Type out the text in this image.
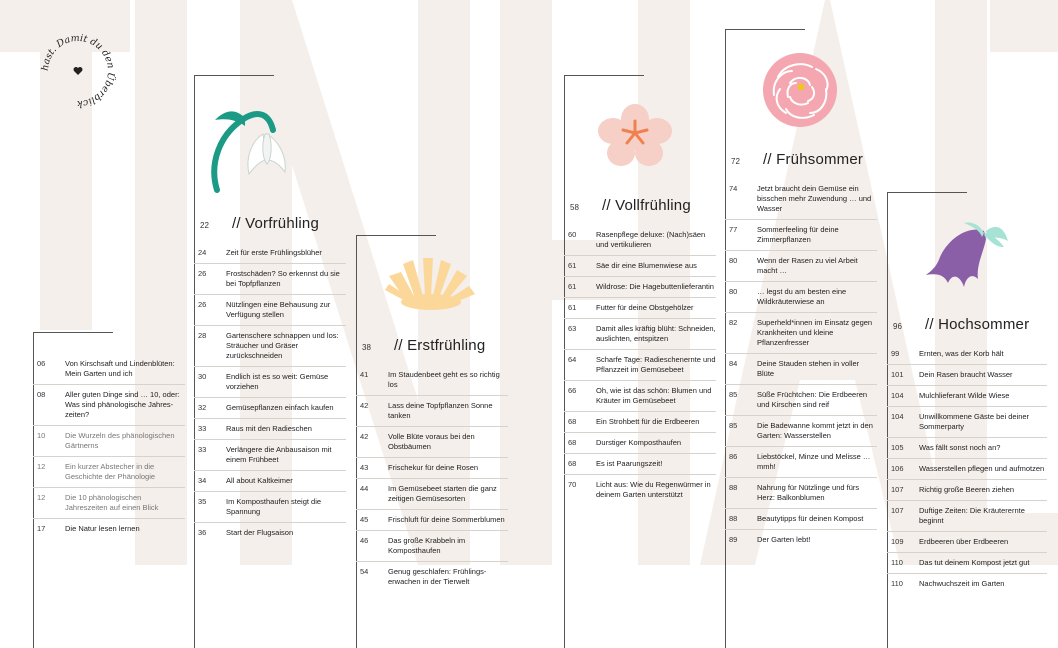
hast. Damit du den Überblick
06	Von Kirschsaft und Lindenblüten: Mein Garten und ich
08	Aller guten Dinge sind … 10, oder: Was sind phänologische Jahres-zeiten?
10	Die Wurzeln des phänologischen Gärtnerns
12	Ein kurzer Abstecher in die Geschichte der Phänologie
12	Die 10 phänologischen Jahreszeiten auf einen Blick
17	Die Natur lesen lernen
22	// Vorfrühling
24	Zeit für erste Frühlingsblüher
26	Frostschäden? So erkennst du sie bei Topfpflanzen
26	Nützlingen eine Behausung zur Verfügung stellen
28	Gartenschere schnappen und los: Sträucher und Gräser zurückschneiden
30	Endlich ist es so weit: Gemüse vorziehen
32	Gemüsepflanzen einfach kaufen
33	Raus mit den Radieschen
33	Verlängere die Anbausaison mit einem Frühbeet
34	All about Kaltkeimer
35	Im Komposthaufen steigt die Spannung
36	Start der Flugsaison
38	// Erstfrühling
41	Im Staudenbeet geht es so richtig los
42	Lass deine Topfpflanzen Sonne tanken
42	Volle Blüte voraus bei den Obstbäumen
43	Frischekur für deine Rosen
44	Im Gemüsebeet starten die ganz zeitigen Gemüsesorten
45	Frischluft für deine Sommerblumen
46	Das große Krabbeln im Komposthaufen
54	Genug geschlafen: Frühlings-erwachen in der Tierwelt
58	// Vollfrühling
60	Rasenpflege deluxe: (Nach)säen und vertikulieren
61	Säe dir eine Blumenwiese aus
61	Wildrose: Die Hagebuttenlieferantin
61	Futter für deine Obstgehölzer
63	Damit alles kräftig blüht: Schneiden, auslichten, entspitzen
64	Scharfe Tage: Radieschenernte und Pflanzzeit im Gemüsebeet
66	Oh, wie ist das schön: Blumen und Kräuter im Gemüsebeet
68	Ein Strohbett für die Erdbeeren
68	Durstiger Komposthaufen
68	Es ist Paarungszeit!
70	Licht aus: Wie du Regenwürmer in deinem Garten unterstützt
72	// Frühsommer
74	Jetzt braucht dein Gemüse ein bisschen mehr Zuwendung … und Wasser
77	Sommerfeeling für deine Zimmerpflanzen
80	Wenn der Rasen zu viel Arbeit macht …
80	… legst du am besten eine Wildkräuterwiese an
82	Superheld*innen im Einsatz gegen Krankheiten und kleine Pflanzenfresser
84	Deine Stauden stehen in voller Blüte
85	Süße Früchtchen: Die Erdbeeren und Kirschen sind reif
85	Die Badewanne kommt jetzt in den Garten: Wasserstellen
86	Liebstöckel, Minze und Melisse … mmh!
88	Nahrung für Nützlinge und fürs Herz: Balkonblumen
88	Beautytipps für deinen Kompost
89	Der Garten lebt!
96	// Hochsommer
99	Ernten, was der Korb hält
101	Dein Rasen braucht Wasser
104	Mulchlieferant Wilde Wiese
104	Unwillkommene Gäste bei deiner Sommerparty
105	Was fällt sonst noch an?
106	Wasserstellen pflegen und aufmotzen
107	Richtig große Beeren ziehen
107	Duftige Zeiten: Die Kräuterernte beginnt
109	Erdbeeren über Erdbeeren
110	Das tut deinem Kompost jetzt gut
110	Nachwuchszeit im Garten
